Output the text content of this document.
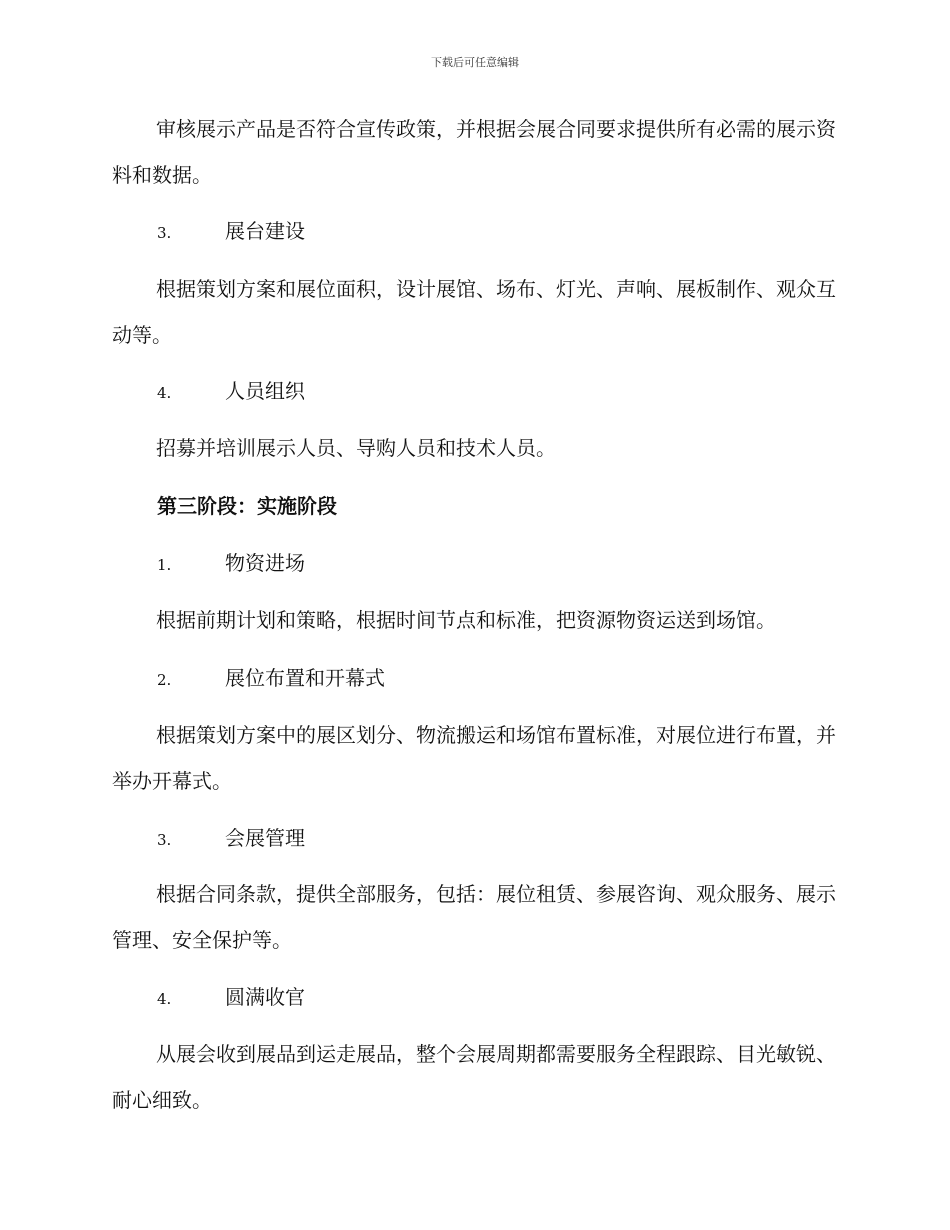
下载后可任意编辑
审核展示产品是否符合宣传政策，并根据会展合同要求提供所有必需的展示资料和数据。
3.	展台建设
根据策划方案和展位面积，设计展馆、场布、灯光、声响、展板制作、观众互动等。
4.	人员组织
招募并培训展示人员、导购人员和技术人员。
第三阶段：实施阶段
1.	物资进场
根据前期计划和策略，根据时间节点和标准，把资源物资运送到场馆。
2.	展位布置和开幕式
根据策划方案中的展区划分、物流搬运和场馆布置标准，对展位进行布置，并举办开幕式。
3.	会展管理
根据合同条款，提供全部服务，包括：展位租赁、参展咨询、观众服务、展示管理、安全保护等。
4.	圆满收官
从展会收到展品到运走展品，整个会展周期都需要服务全程跟踪、目光敏锐、耐心细致。
